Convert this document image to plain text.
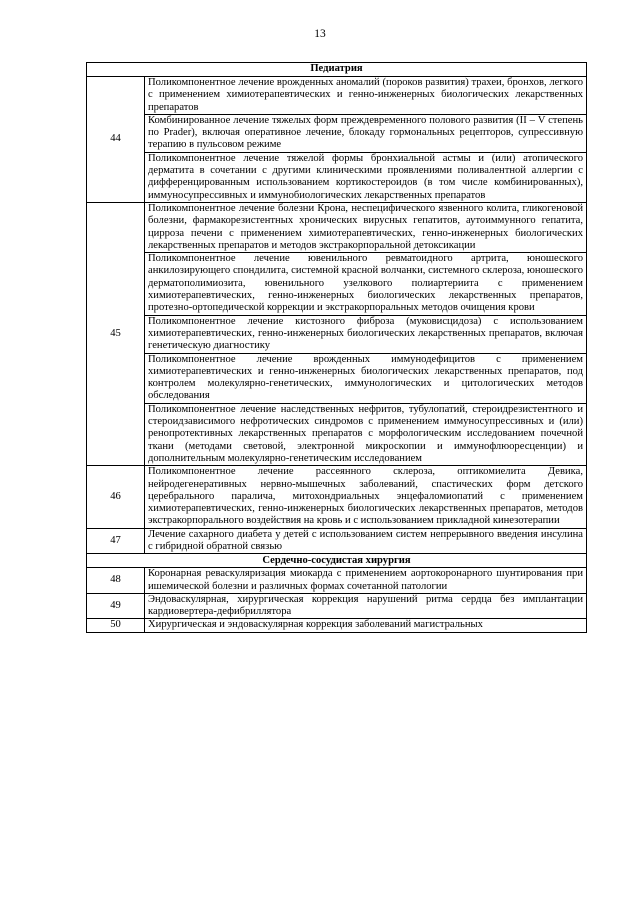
13
Педиатрия	
44	Поликомпонентное лечение врожденных аномалий (пороков развития) трахеи, бронхов, легкого с применением химиотерапевтических и генно-инженерных биологических лекарственных препаратов
	Комбинированное лечение тяжелых форм преждевременного полового развития (II – V степень по Prader), включая оперативное лечение, блокаду гормональных рецепторов, супрессивную терапию в пульсовом режиме
	Поликомпонентное лечение тяжелой формы бронхиальной астмы и (или) атопического дерматита в сочетании с другими клиническими проявлениями поливалентной аллергии с дифференцированным использованием кортикостероидов (в том числе комбинированных), иммуносупрессивных и иммунобиологических лекарственных препаратов
45	Поликомпонентное лечение болезни Крона, неспецифического язвенного колита, гликогеновой болезни, фармакорезистентных хронических вирусных гепатитов, аутоиммунного гепатита, цирроза печени с применением химиотерапевтических, генно-инженерных биологических лекарственных препаратов и методов экстракорпоральной детоксикации
	Поликомпонентное лечение ювенильного ревматоидного артрита, юношеского анкилозирующего спондилита, системной красной волчанки, системного склероза, юношеского дерматополимиозита, ювенильного узелкового полиартериита с применением химиотерапевтических, генно-инженерных биологических лекарственных препаратов, протезно-ортопедической коррекции и экстракорпоральных методов очищения крови
	Поликомпонентное лечение кистозного фиброза (муковисцидоза) с использованием химиотерапевтических, генно-инженерных биологических лекарственных препаратов, включая генетическую диагностику
	Поликомпонентное лечение врожденных иммунодефицитов с применением химиотерапевтических и генно-инженерных биологических лекарственных препаратов, под контролем молекулярно-генетических, иммунологических и цитологических методов обследования
	Поликомпонентное лечение наследственных нефритов, тубулопатий, стероидрезистентного и стероидзависимого нефротических синдромов с применением иммуносупрессивных и (или) ренопротективных лекарственных препаратов с морфологическим исследованием почечной ткани (методами световой, электронной микроскопии и иммунофлюоресценции) и дополнительным молекулярно-генетическим исследованием
46	Поликомпонентное лечение рассеянного склероза, оптикомиелита Девика, нейродегенеративных нервно-мышечных заболеваний, спастических форм детского церебрального паралича, митохондриальных энцефаломиопатий с применением химиотерапевтических, генно-инженерных биологических лекарственных препаратов, методов экстракорпорального воздействия на кровь и с использованием прикладной кинезотерапии
47	Лечение сахарного диабета у детей с использованием систем непрерывного введения инсулина с гибридной обратной связью
Сердечно-сосудистая хирургия	
48	Коронарная реваскуляризация миокарда с применением аортокоронарного шунтирования при ишемической болезни и различных формах сочетанной патологии
49	Эндоваскулярная, хирургическая коррекция нарушений ритма сердца без имплантации кардиовертера-дефибриллятора
50	Хирургическая и эндоваскулярная коррекция заболеваний магистральных
